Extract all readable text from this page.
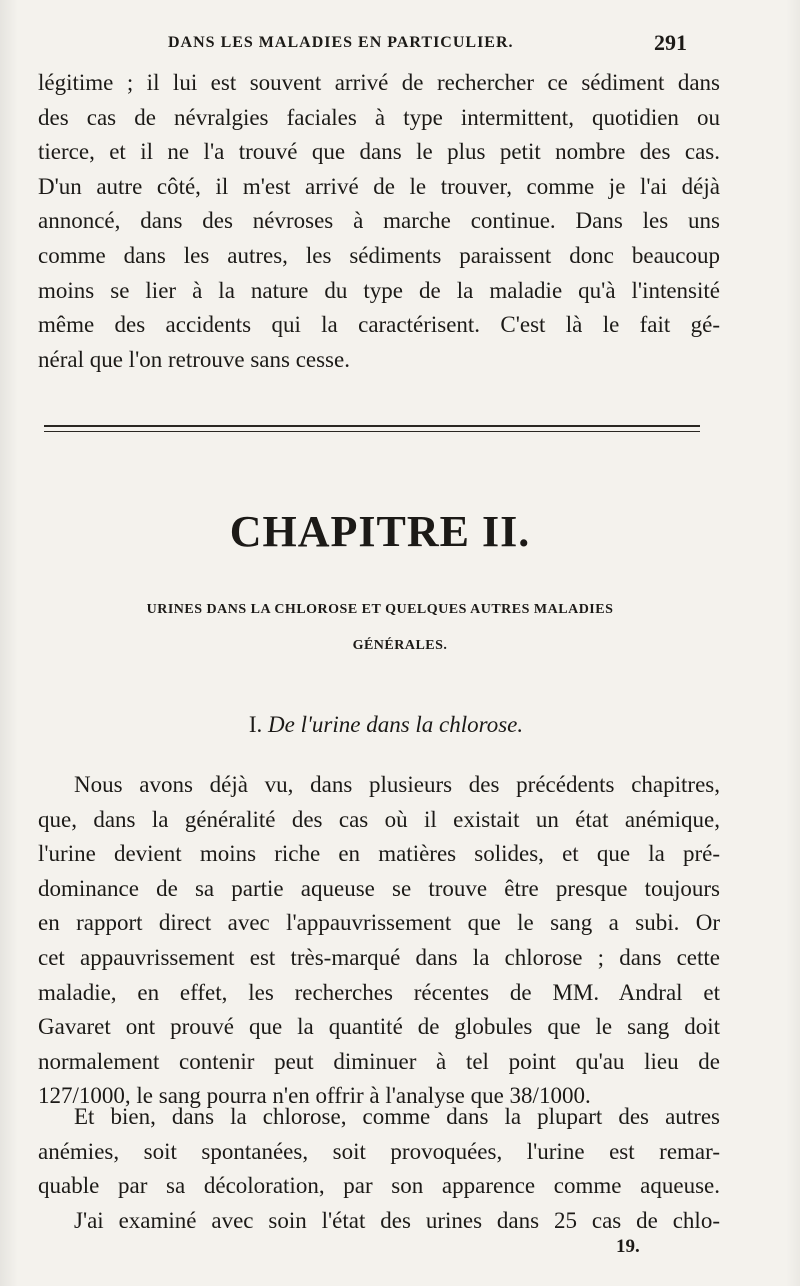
DANS LES MALADIES EN PARTICULIER.	291
légitime ; il lui est souvent arrivé de rechercher ce sédiment dans
des cas de névralgies faciales à type intermittent, quotidien ou
tierce, et il ne l'a trouvé que dans le plus petit nombre des cas.
D'un autre côté, il m'est arrivé de le trouver, comme je l'ai déjà
annoncé, dans des névroses à marche continue. Dans les uns
comme dans les autres, les sédiments paraissent donc beaucoup
moins se lier à la nature du type de la maladie qu'à l'intensité
même des accidents qui la caractérisent. C'est là le fait gé-
néral que l'on retrouve sans cesse.
CHAPITRE II.
URINES DANS LA CHLOROSE ET QUELQUES AUTRES MALADIES
GÉNÉRALES.
I. De l'urine dans la chlorose.
Nous avons déjà vu, dans plusieurs des précédents chapitres,
que, dans la généralité des cas où il existait un état anémique,
l'urine devient moins riche en matières solides, et que la pré-
dominance de sa partie aqueuse se trouve être presque toujours
en rapport direct avec l'appauvrissement que le sang a subi. Or
cet appauvrissement est très-marqué dans la chlorose ; dans cette
maladie, en effet, les recherches récentes de MM. Andral et
Gavaret ont prouvé que la quantité de globules que le sang doit
normalement contenir peut diminuer à tel point qu'au lieu de
127/1000, le sang pourra n'en offrir à l'analyse que 38/1000.
Et bien, dans la chlorose, comme dans la plupart des autres
anémies, soit spontanées, soit provoquées, l'urine est remar-
quable par sa décoloration, par son apparence comme aqueuse.
J'ai examiné avec soin l'état des urines dans 25 cas de chlo-
19.
